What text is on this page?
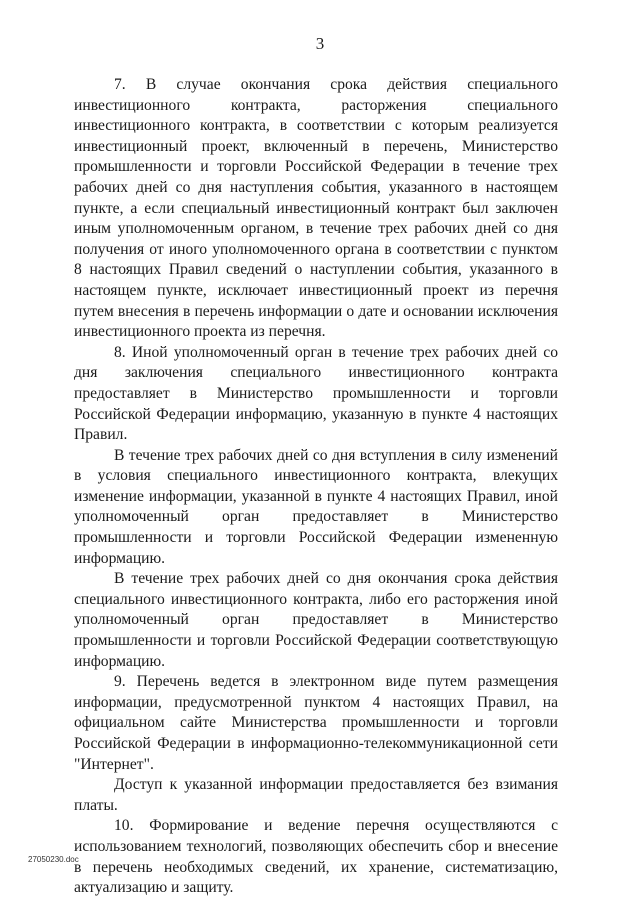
3

7. В случае окончания срока действия специального инвестиционного контракта, расторжения специального инвестиционного контракта, в соответствии с которым реализуется инвестиционный проект, включенный в перечень, Министерство промышленности и торговли Российской Федерации в течение трех рабочих дней со дня наступления события, указанного в настоящем пункте, а если специальный инвестиционный контракт был заключен иным уполномоченным органом, в течение трех рабочих дней со дня получения от иного уполномоченного органа в соответствии с пунктом 8 настоящих Правил сведений о наступлении события, указанного в настоящем пункте, исключает инвестиционный проект из перечня путем внесения в перечень информации о дате и основании исключения инвестиционного проекта из перечня.

8. Иной уполномоченный орган в течение трех рабочих дней со дня заключения специального инвестиционного контракта предоставляет в Министерство промышленности и торговли Российской Федерации информацию, указанную в пункте 4 настоящих Правил.

В течение трех рабочих дней со дня вступления в силу изменений в условия специального инвестиционного контракта, влекущих изменение информации, указанной в пункте 4 настоящих Правил, иной уполномоченный орган предоставляет в Министерство промышленности и торговли Российской Федерации измененную информацию.

В течение трех рабочих дней со дня окончания срока действия специального инвестиционного контракта, либо его расторжения иной уполномоченный орган предоставляет в Министерство промышленности и торговли Российской Федерации соответствующую информацию.

9. Перечень ведется в электронном виде путем размещения информации, предусмотренной пунктом 4 настоящих Правил, на официальном сайте Министерства промышленности и торговли Российской Федерации в информационно-телекоммуникационной сети "Интернет".

Доступ к указанной информации предоставляется без взимания платы.

10. Формирование и ведение перечня осуществляются с использованием технологий, позволяющих обеспечить сбор и внесение в перечень необходимых сведений, их хранение, систематизацию, актуализацию и защиту.

27050230.doc
